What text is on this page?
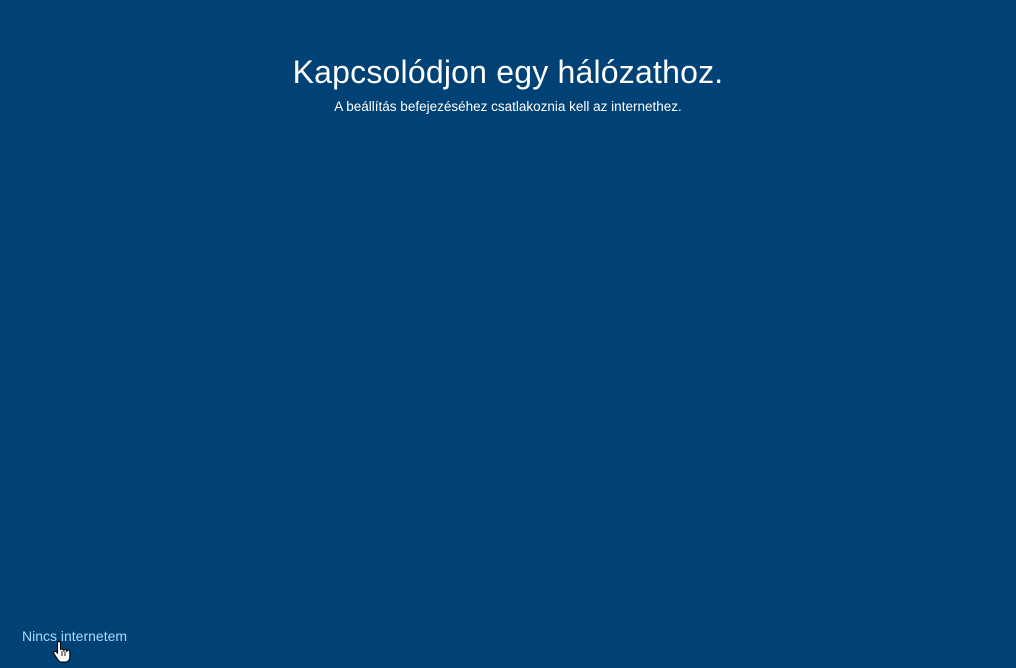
Kapcsolódjon egy hálózathoz.

A beállítás befejezéséhez csatlakoznia kell az internethez.

Nincs internetem
